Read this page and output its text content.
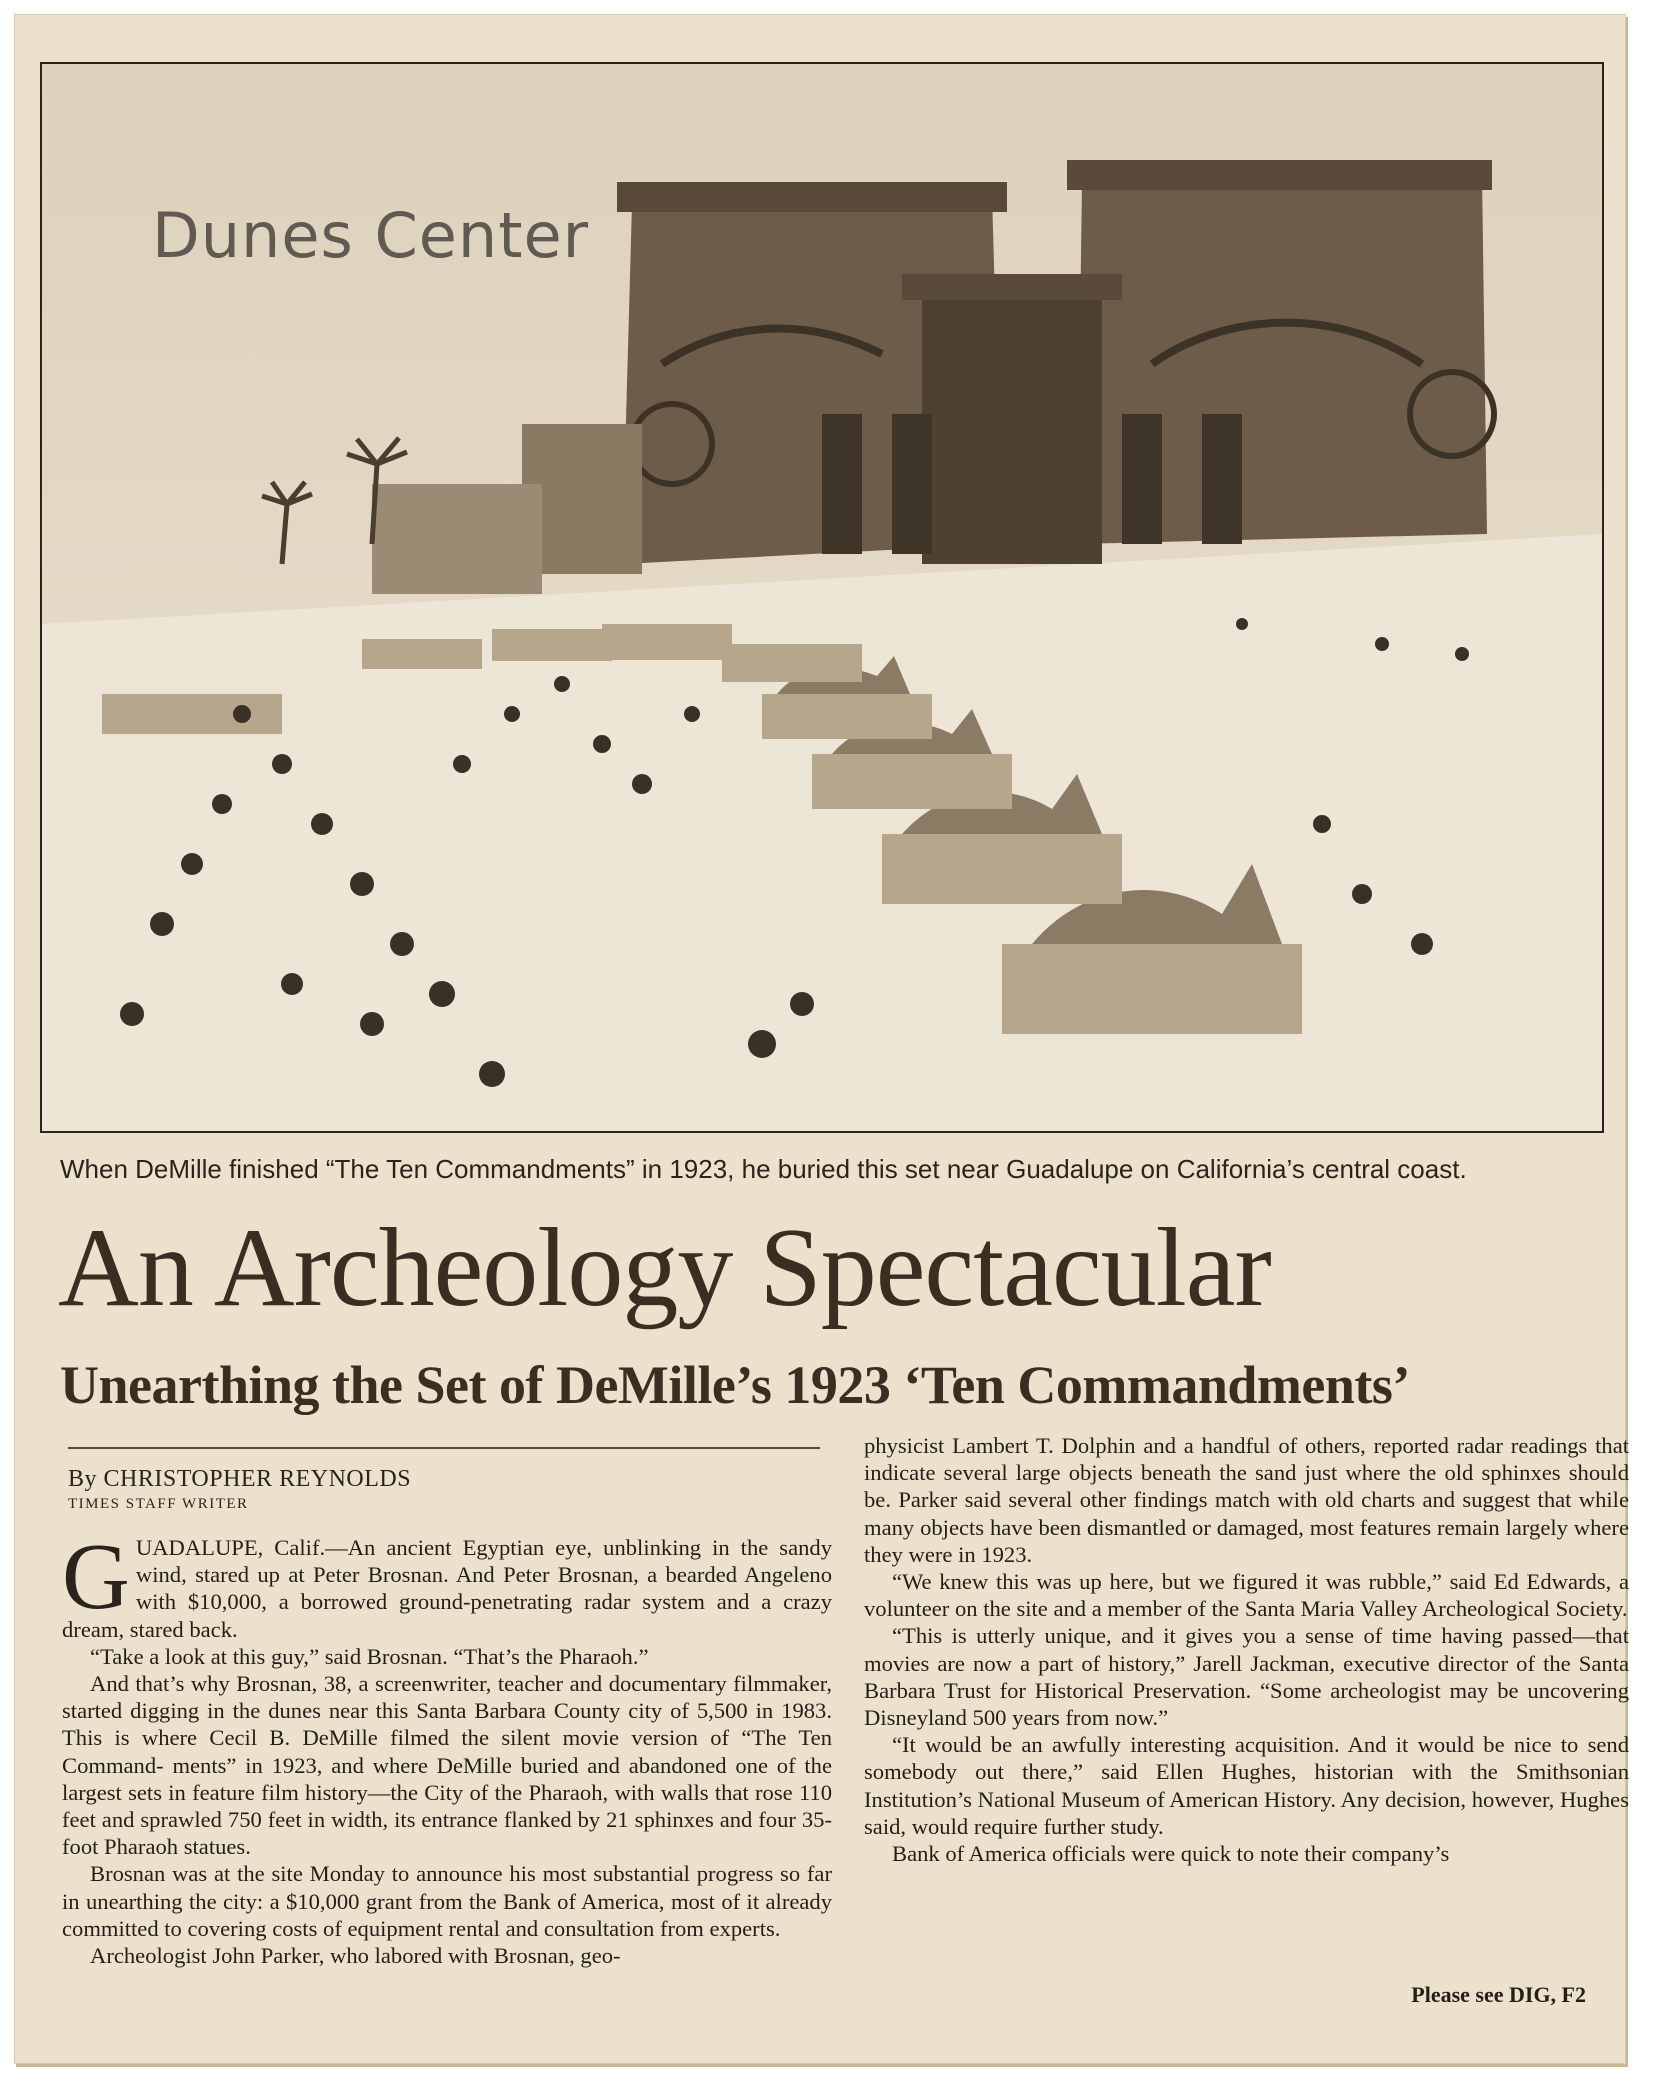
Dunes Center
When DeMille finished “The Ten Commandments” in 1923, he buried this set near Guadalupe on California’s central coast.
An Archeology Spectacular
Unearthing the Set of DeMille’s 1923 ‘Ten Commandments’
By CHRISTOPHER REYNOLDS
TIMES STAFF WRITER

GUADALUPE, Calif.—An ancient Egyptian eye, unblinking in the sandy wind, stared up at Peter Brosnan. And Peter Brosnan, a bearded Angeleno with $10,000, a borrowed ground-penetrating radar system and a crazy dream, stared back.

“Take a look at this guy,” said Brosnan. “That’s the Pharaoh.”

And that’s why Brosnan, 38, a screenwriter, teacher and documentary filmmaker, started digging in the dunes near this Santa Barbara County city of 5,500 in 1983. This is where Cecil B. DeMille filmed the silent movie version of “The Ten Command- ments” in 1923, and where DeMille buried and abandoned one of the largest sets in feature film history—the City of the Pharaoh, with walls that rose 110 feet and sprawled 750 feet in width, its entrance flanked by 21 sphinxes and four 35-foot Pharaoh statues.

Brosnan was at the site Monday to announce his most substantial progress so far in unearthing the city: a $10,000 grant from the Bank of America, most of it already committed to covering costs of equipment rental and consultation from experts.

Archeologist John Parker, who labored with Brosnan, geo-

physicist Lambert T. Dolphin and a handful of others, reported radar readings that indicate several large objects beneath the sand just where the old sphinxes should be. Parker said several other findings match with old charts and suggest that while many objects have been dismantled or damaged, most features remain largely where they were in 1923.

“We knew this was up here, but we figured it was rubble,” said Ed Edwards, a volunteer on the site and a member of the Santa Maria Valley Archeological Society.

“This is utterly unique, and it gives you a sense of time having passed—that movies are now a part of history,” Jarell Jackman, executive director of the Santa Barbara Trust for Historical Preservation. “Some archeologist may be uncovering Disneyland 500 years from now.”

“It would be an awfully interesting acquisition. And it would be nice to send somebody out there,” said Ellen Hughes, historian with the Smithsonian Institution’s National Museum of American History. Any decision, however, Hughes said, would require further study.

Bank of America officials were quick to note their company’s

Please see DIG, F2
